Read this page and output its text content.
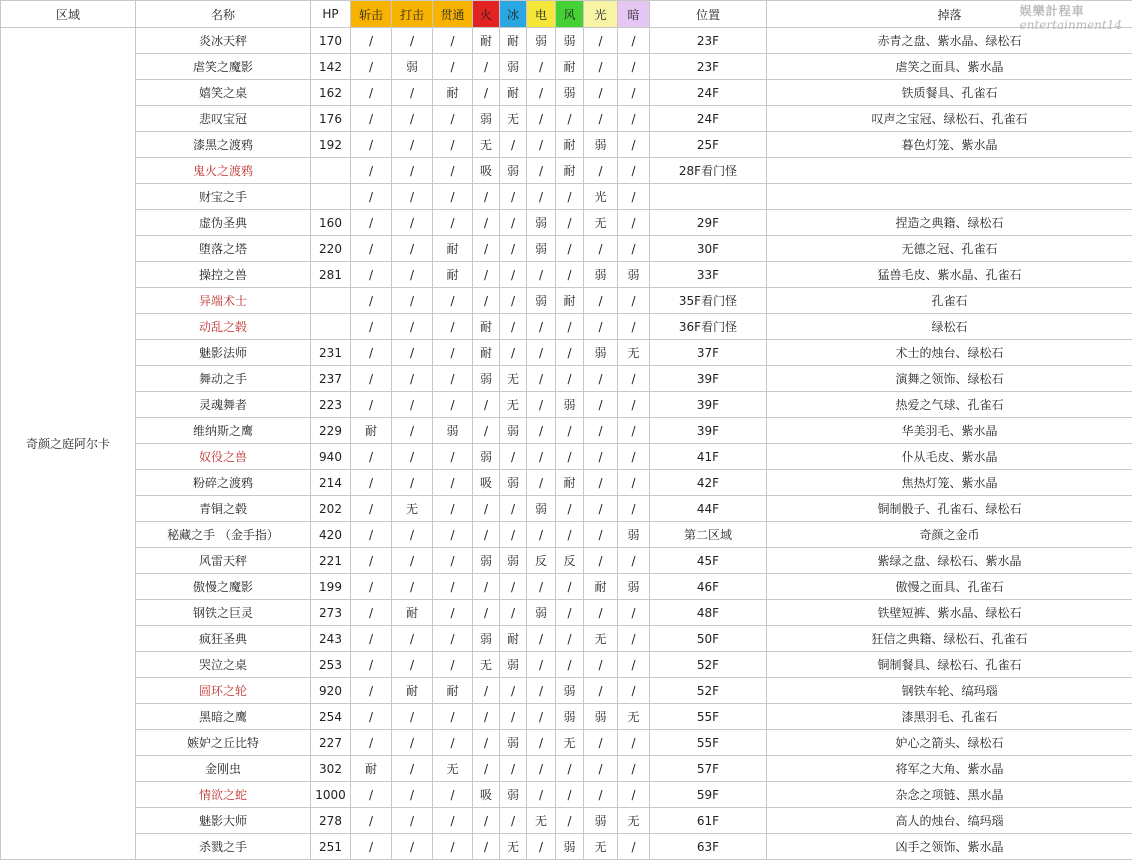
区域	名称	HP	斩击	打击	贯通	火	冰	电	风	光	暗	位置	掉落
奇颜之庭阿尔卡	炎冰天秤	170	/	/	/	耐	耐	弱	弱	/	/	23F	赤青之盘、紫水晶、绿松石
	虐笑之魔影	142	/	弱	/	/	弱	/	耐	/	/	23F	虐笑之面具、紫水晶
	嬉笑之桌	162	/	/	耐	/	耐	/	弱	/	/	24F	铁质餐具、孔雀石
	悲叹宝冠	176	/	/	/	弱	无	/	/	/	/	24F	叹声之宝冠、绿松石、孔雀石
	漆黑之渡鸦	192	/	/	/	无	/	/	耐	弱	/	25F	暮色灯笼、紫水晶
	鬼火之渡鸦		/	/	/	吸	弱	/	耐	/	/	28F看门怪	
	财宝之手		/	/	/	/	/	/	/	光	/		
	虚伪圣典	160	/	/	/	/	/	弱	/	无	/	29F	捏造之典籍、绿松石
	堕落之塔	220	/	/	耐	/	/	弱	/	/	/	30F	无德之冠、孔雀石
	操控之兽	281	/	/	耐	/	/	/	/	弱	弱	33F	猛兽毛皮、紫水晶、孔雀石
	异端术士		/	/	/	/	/	弱	耐	/	/	35F看门怪	孔雀石
	动乱之毂		/	/	/	耐	/	/	/	/	/	36F看门怪	绿松石
	魅影法师	231	/	/	/	耐	/	/	/	弱	无	37F	术士的烛台、绿松石
	舞动之手	237	/	/	/	弱	无	/	/	/	/	39F	演舞之领饰、绿松石
	灵魂舞者	223	/	/	/	/	无	/	弱	/	/	39F	热爱之气球、孔雀石
	维纳斯之鹰	229	耐	/	弱	/	弱	/	/	/	/	39F	华美羽毛、紫水晶
	奴役之兽	940	/	/	/	弱	/	/	/	/	/	41F	仆从毛皮、紫水晶
	粉碎之渡鸦	214	/	/	/	吸	弱	/	耐	/	/	42F	焦热灯笼、紫水晶
	青铜之毂	202	/	无	/	/	/	弱	/	/	/	44F	铜制骰子、孔雀石、绿松石
	秘藏之手 （金手指）	420	/	/	/	/	/	/	/	/	弱	第二区域	奇颜之金币
	风雷天秤	221	/	/	/	弱	弱	反	反	/	/	45F	紫绿之盘、绿松石、紫水晶
	傲慢之魔影	199	/	/	/	/	/	/	/	耐	弱	46F	傲慢之面具、孔雀石
	钢铁之巨灵	273	/	耐	/	/	/	弱	/	/	/	48F	铁壁短裤、紫水晶、绿松石
	疯狂圣典	243	/	/	/	弱	耐	/	/	无	/	50F	狂信之典籍、绿松石、孔雀石
	哭泣之桌	253	/	/	/	无	弱	/	/	/	/	52F	铜制餐具、绿松石、孔雀石
	圆环之轮	920	/	耐	耐	/	/	/	弱	/	/	52F	钢铁车轮、缟玛瑙
	黑暗之鹰	254	/	/	/	/	/	/	弱	弱	无	55F	漆黑羽毛、孔雀石
	嫉妒之丘比特	227	/	/	/	/	弱	/	无	/	/	55F	妒心之箭头、绿松石
	金刚虫	302	耐	/	无	/	/	/	/	/	/	57F	将军之大角、紫水晶
	情欲之蛇	1000	/	/	/	吸	弱	/	/	/	/	59F	杂念之项链、黑水晶
	魅影大师	278	/	/	/	/	/	无	/	弱	无	61F	高人的烛台、缟玛瑙
	杀戮之手	251	/	/	/	/	无	/	弱	无	/	63F	凶手之领饰、紫水晶
娱樂計程車
entertainment14
